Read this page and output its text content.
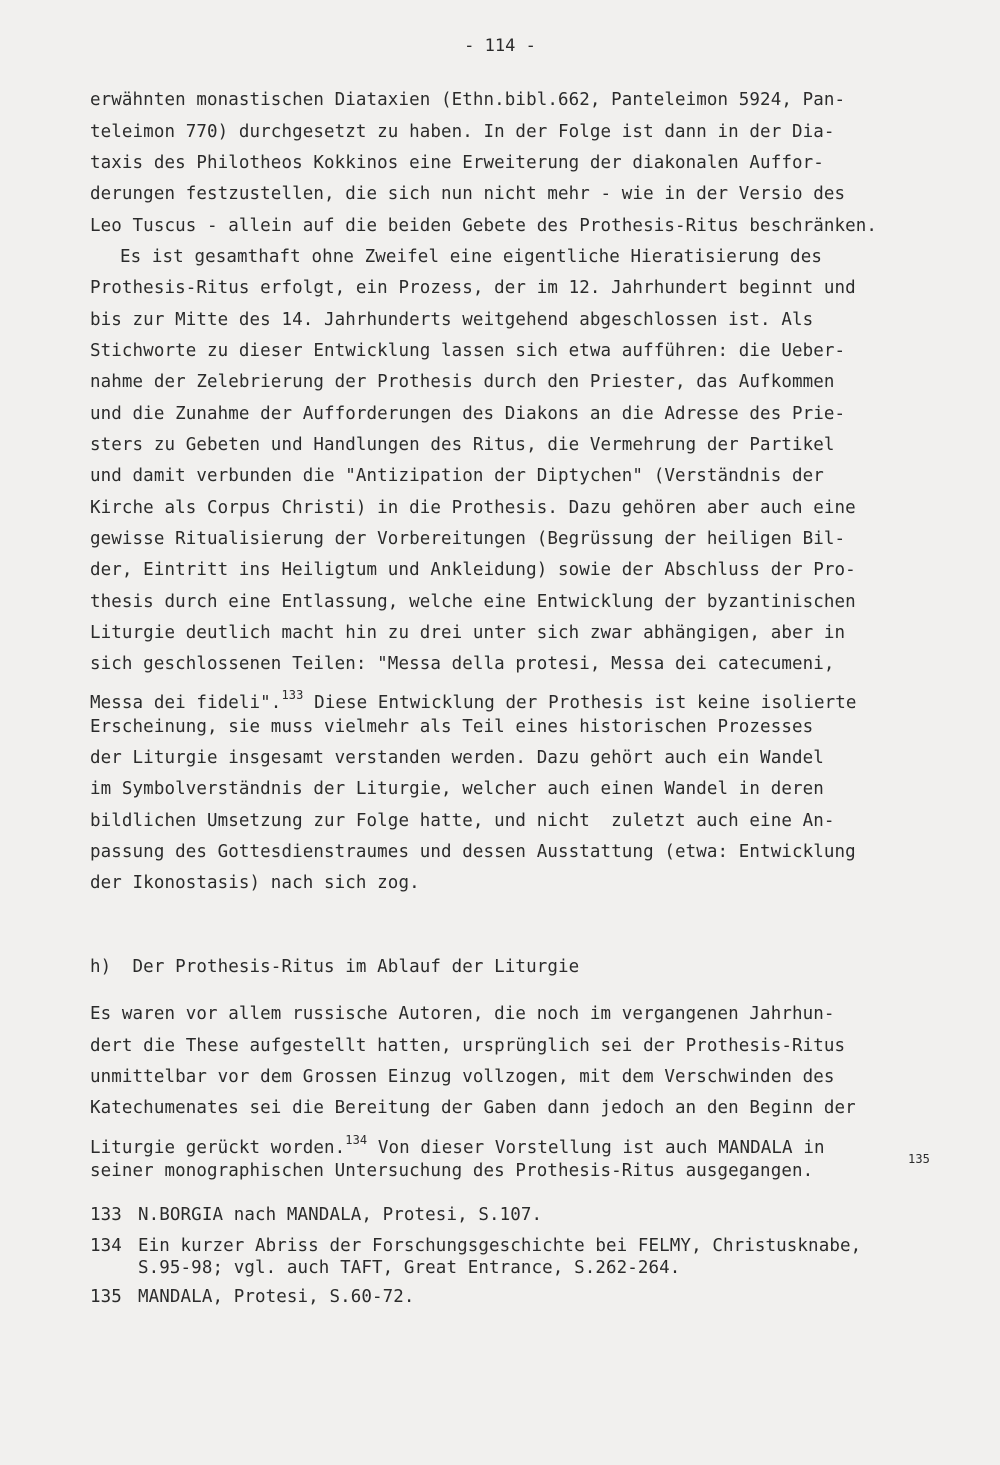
- 114 -
erwähnten monastischen Diataxien (Ethn.bibl.662, Panteleimon 5924, Pan-
teleimon 770) durchgesetzt zu haben. In der Folge ist dann in der Dia-
taxis des Philotheos Kokkinos eine Erweiterung der diakonalen Auffor-
derungen festzustellen, die sich nun nicht mehr - wie in der Versio des
Leo Tuscus - allein auf die beiden Gebete des Prothesis-Ritus beschränken.
Es ist gesamthaft ohne Zweifel eine eigentliche Hieratisierung des
Prothesis-Ritus erfolgt, ein Prozess, der im 12. Jahrhundert beginnt und
bis zur Mitte des 14. Jahrhunderts weitgehend abgeschlossen ist. Als
Stichworte zu dieser Entwicklung lassen sich etwa aufführen: die Ueber-
nahme der Zelebrierung der Prothesis durch den Priester, das Aufkommen
und die Zunahme der Aufforderungen des Diakons an die Adresse des Prie-
sters zu Gebeten und Handlungen des Ritus, die Vermehrung der Partikel
und damit verbunden die "Antizipation der Diptychen" (Verständnis der
Kirche als Corpus Christi) in die Prothesis. Dazu gehören aber auch eine
gewisse Ritualisierung der Vorbereitungen (Begrüssung der heiligen Bil-
der, Eintritt ins Heiligtum und Ankleidung) sowie der Abschluss der Pro-
thesis durch eine Entlassung, welche eine Entwicklung der byzantinischen
Liturgie deutlich macht hin zu drei unter sich zwar abhängigen, aber in
sich geschlossenen Teilen: "Messa della protesi, Messa dei catecumeni,
Messa dei fideli".$^{133}$ Diese Entwicklung der Prothesis ist keine isolierte
Erscheinung, sie muss vielmehr als Teil eines historischen Prozesses
der Liturgie insgesamt verstanden werden. Dazu gehört auch ein Wandel
im Symbolverständnis der Liturgie, welcher auch einen Wandel in deren
bildlichen Umsetzung zur Folge hatte, und nicht  zuletzt auch eine An-
passung des Gottesdienstraumes und dessen Ausstattung (etwa: Entwicklung
der Ikonostasis) nach sich zog.
h)  Der Prothesis-Ritus im Ablauf der Liturgie
Es waren vor allem russische Autoren, die noch im vergangenen Jahrhun-
dert die These aufgestellt hatten, ursprünglich sei der Prothesis-Ritus
unmittelbar vor dem Grossen Einzug vollzogen, mit dem Verschwinden des
Katechumenates sei die Bereitung der Gaben dann jedoch an den Beginn der
Liturgie gerückt worden.$^{134}$ Von dieser Vorstellung ist auch MANDALA in
seiner monographischen Untersuchung des Prothesis-Ritus ausgegangen.
135
133 N.BORGIA nach MANDALA, Protesi, S.107.
134 Ein kurzer Abriss der Forschungsgeschichte bei FELMY, Christusknabe,
S.95-98; vgl. auch TAFT, Great Entrance, S.262-264.
135 MANDALA, Protesi, S.60-72.
